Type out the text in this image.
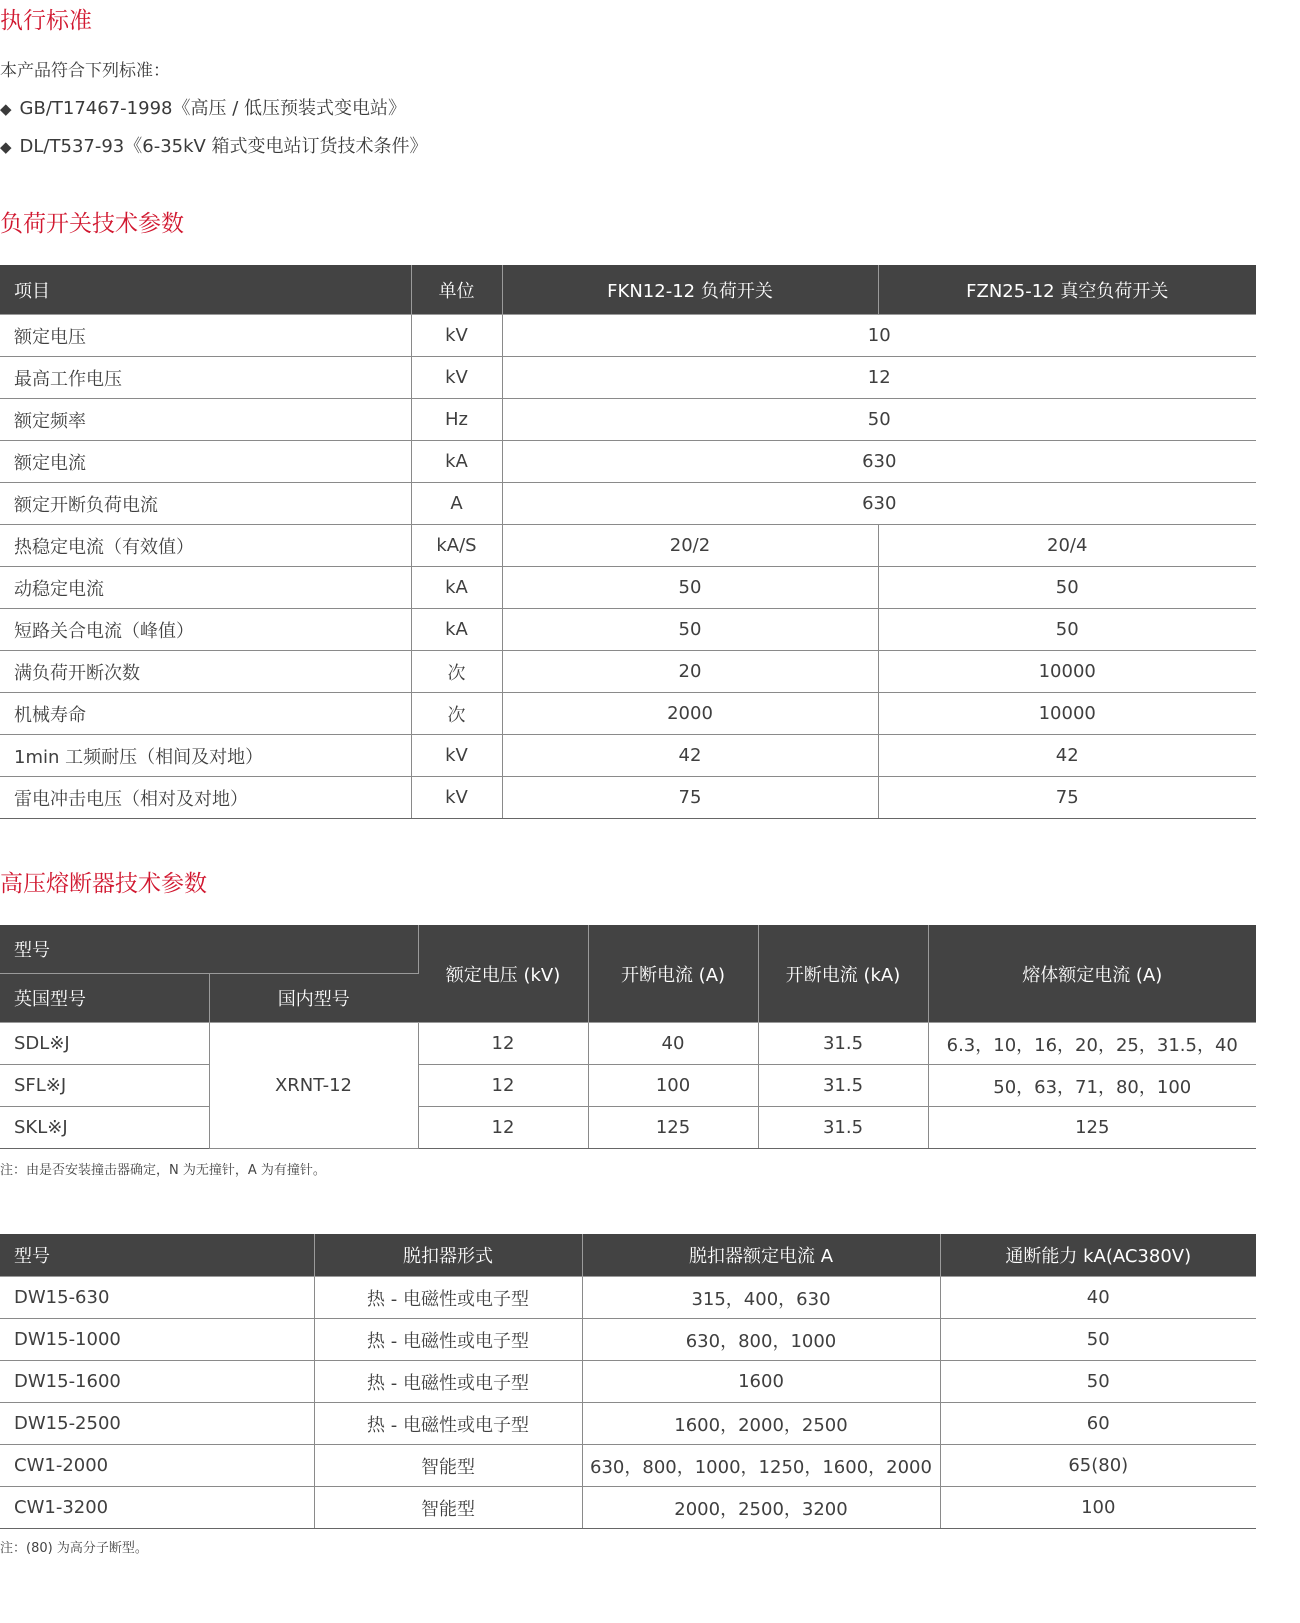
执行标准
本产品符合下列标准：
◆ GB/T17467-1998《高压 / 低压预装式变电站》
◆ DL/T537-93《6-35kV 箱式变电站订货技术条件》
负荷开关技术参数
项目	单位	FKN12-12 负荷开关	FZN25-12 真空负荷开关
额定电压	kV	10	
最高工作电压	kV	12	
额定频率	Hz	50	
额定电流	kA	630	
额定开断负荷电流	A	630	
热稳定电流（有效值）	kA/S	20/2	20/4
动稳定电流	kA	50	50
短路关合电流（峰值）	kA	50	50
满负荷开断次数	次	20	10000
机械寿命	次	2000	10000
1min 工频耐压（相间及对地）	kV	42	42
雷电冲击电压（相对及对地）	kV	75	75
高压熔断器技术参数
型号		额定电压 (kV)	开断电流 (A)	开断电流 (kA)	熔体额定电流 (A)
英国型号	国内型号				
SDL※J	XRNT-12	12	40	31.5	6.3，10，16，20，25，31.5，40
SFL※J		12	100	31.5	50，63，71，80，100
SKL※J		12	125	31.5	125
注：由是否安装撞击器确定，N 为无撞针，A 为有撞针。
型号	脱扣器形式	脱扣器额定电流 A	通断能力 kA(AC380V)
DW15-630	热 - 电磁性或电子型	315，400，630	40
DW15-1000	热 - 电磁性或电子型	630，800，1000	50
DW15-1600	热 - 电磁性或电子型	1600	50
DW15-2500	热 - 电磁性或电子型	1600，2000，2500	60
CW1-2000	智能型	630，800，1000，1250，1600，2000	65(80)
CW1-3200	智能型	2000，2500，3200	100
注：(80) 为高分子断型。
